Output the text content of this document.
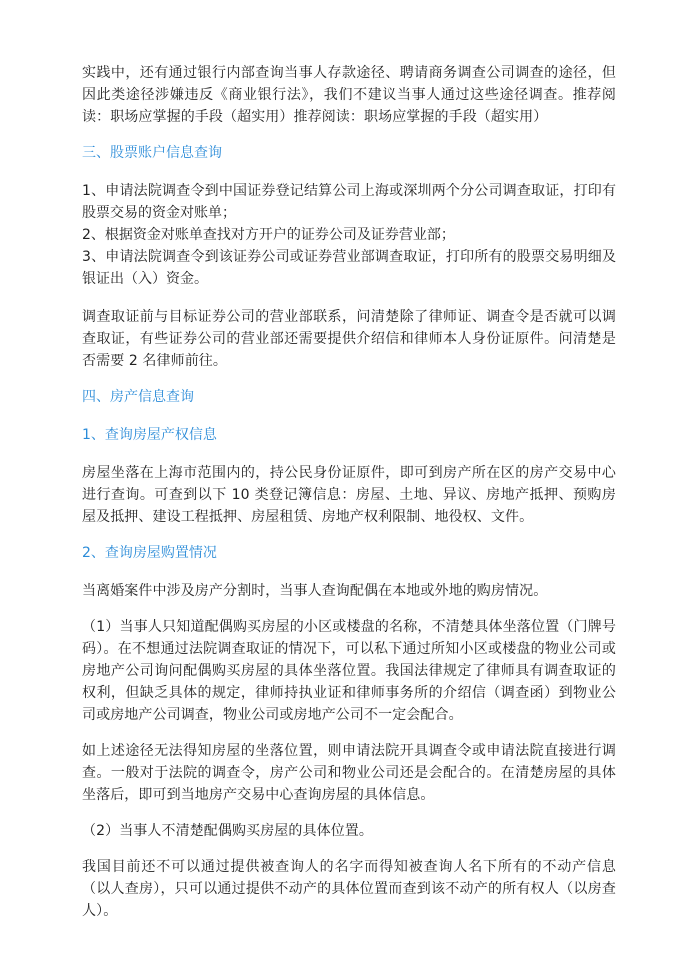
实践中，还有通过银行内部查询当事人存款途径、聘请商务调查公司调查的途径，但因此类途径涉嫌违反《商业银行法》，我们不建议当事人通过这些途径调查。推荐阅读：职场应掌握的手段（超实用）推荐阅读：职场应掌握的手段（超实用）

三、股票账户信息查询

1、申请法院调查令到中国证券登记结算公司上海或深圳两个分公司调查取证，打印有股票交易的资金对账单；

2、根据资金对账单查找对方开户的证券公司及证券营业部；

3、申请法院调查令到该证券公司或证券营业部调查取证，打印所有的股票交易明细及银证出（入）资金。

调查取证前与目标证券公司的营业部联系，问清楚除了律师证、调查令是否就可以调查取证，有些证券公司的营业部还需要提供介绍信和律师本人身份证原件。问清楚是否需要 2 名律师前往。

四、房产信息查询
1、查询房屋产权信息

房屋坐落在上海市范围内的，持公民身份证原件，即可到房产所在区的房产交易中心进行查询。可查到以下 10 类登记簿信息：房屋、土地、异议、房地产抵押、预购房屋及抵押、建设工程抵押、房屋租赁、房地产权利限制、地役权、文件。

2、查询房屋购置情况

当离婚案件中涉及房产分割时，当事人查询配偶在本地或外地的购房情况。

（1）当事人只知道配偶购买房屋的小区或楼盘的名称，不清楚具体坐落位置（门牌号码）。在不想通过法院调查取证的情况下，可以私下通过所知小区或楼盘的物业公司或房地产公司询问配偶购买房屋的具体坐落位置。我国法律规定了律师具有调查取证的权利，但缺乏具体的规定，律师持执业证和律师事务所的介绍信（调查函）到物业公司或房地产公司调查，物业公司或房地产公司不一定会配合。

如上述途径无法得知房屋的坐落位置，则申请法院开具调查令或申请法院直接进行调查。一般对于法院的调查令，房产公司和物业公司还是会配合的。在清楚房屋的具体坐落后，即可到当地房产交易中心查询房屋的具体信息。

（2）当事人不清楚配偶购买房屋的具体位置。

我国目前还不可以通过提供被查询人的名字而得知被查询人名下所有的不动产信息（以人查房），只可以通过提供不动产的具体位置而查到该不动产的所有权人（以房查人）。
